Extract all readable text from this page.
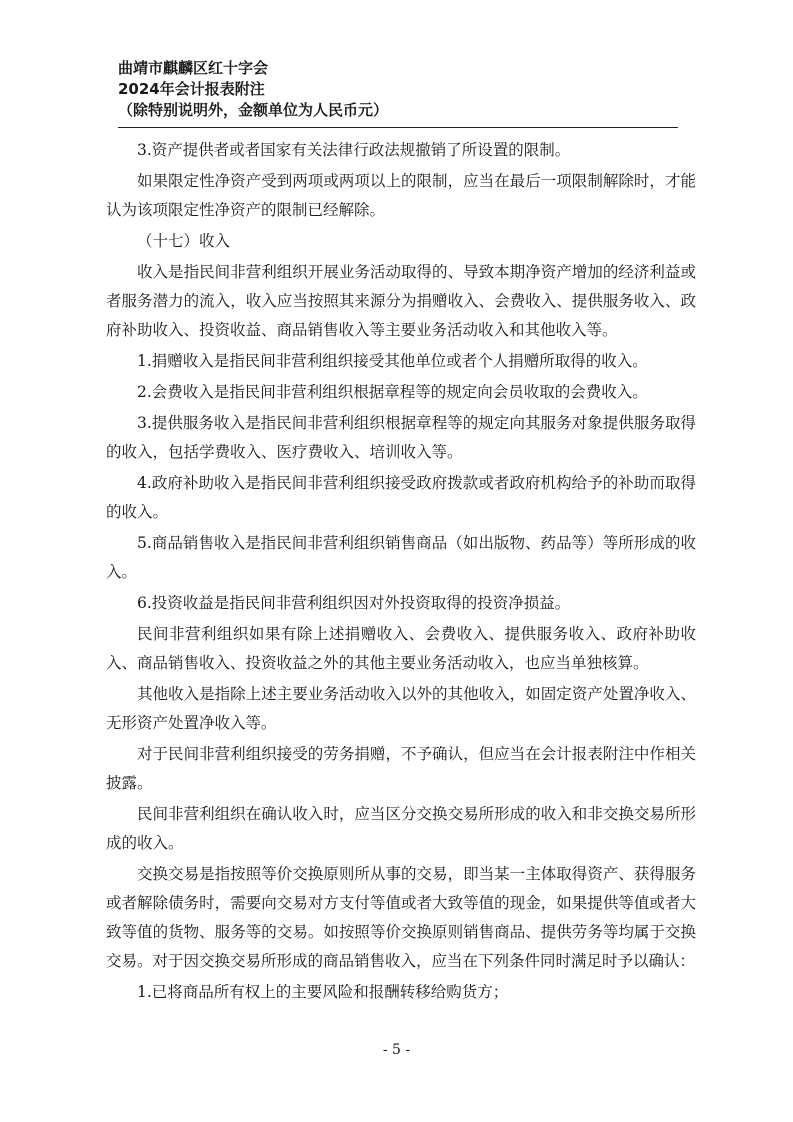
曲靖市麒麟区红十字会
2024年会计报表附注
（除特别说明外，金额单位为人民币元）

3.资产提供者或者国家有关法律行政法规撤销了所设置的限制。

如果限定性净资产受到两项或两项以上的限制，应当在最后一项限制解除时，才能认为该项限定性净资产的限制已经解除。

（十七）收入

收入是指民间非营利组织开展业务活动取得的、导致本期净资产增加的经济利益或者服务潜力的流入，收入应当按照其来源分为捐赠收入、会费收入、提供服务收入、政府补助收入、投资收益、商品销售收入等主要业务活动收入和其他收入等。

1.捐赠收入是指民间非营利组织接受其他单位或者个人捐赠所取得的收入。

2.会费收入是指民间非营利组织根据章程等的规定向会员收取的会费收入。

3.提供服务收入是指民间非营利组织根据章程等的规定向其服务对象提供服务取得的收入，包括学费收入、医疗费收入、培训收入等。

4.政府补助收入是指民间非营利组织接受政府拨款或者政府机构给予的补助而取得的收入。

5.商品销售收入是指民间非营利组织销售商品（如出版物、药品等）等所形成的收入。

6.投资收益是指民间非营利组织因对外投资取得的投资净损益。

民间非营利组织如果有除上述捐赠收入、会费收入、提供服务收入、政府补助收入、商品销售收入、投资收益之外的其他主要业务活动收入，也应当单独核算。

其他收入是指除上述主要业务活动收入以外的其他收入，如固定资产处置净收入、无形资产处置净收入等。

对于民间非营利组织接受的劳务捐赠，不予确认，但应当在会计报表附注中作相关披露。

民间非营利组织在确认收入时，应当区分交换交易所形成的收入和非交换交易所形成的收入。

交换交易是指按照等价交换原则所从事的交易，即当某一主体取得资产、获得服务或者解除债务时，需要向交易对方支付等值或者大致等值的现金，如果提供等值或者大致等值的货物、服务等的交易。如按照等价交换原则销售商品、提供劳务等均属于交换交易。对于因交换交易所形成的商品销售收入，应当在下列条件同时满足时予以确认：

1.已将商品所有权上的主要风险和报酬转移给购货方；

- 5 -
